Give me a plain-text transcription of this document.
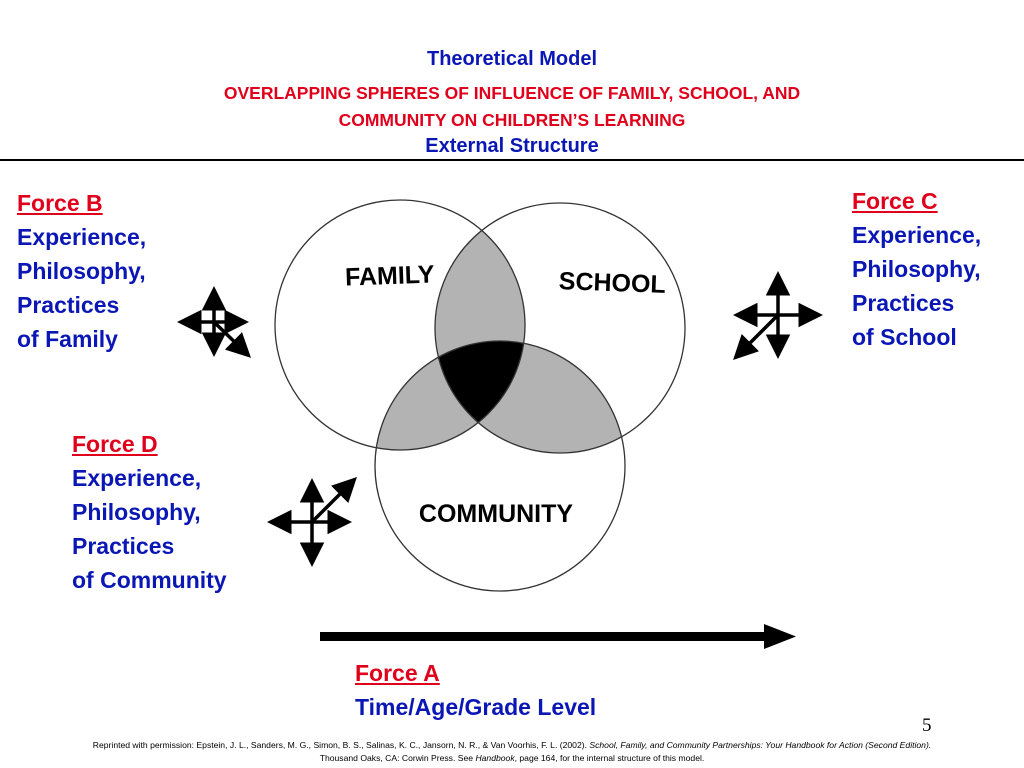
Theoretical Model
OVERLAPPING SPHERES OF INFLUENCE OF FAMILY, SCHOOL, AND
COMMUNITY ON CHILDREN’S LEARNING
External Structure
FAMILY	SCHOOL
COMMUNITY
Force B
Experience,
Philosophy,
Practices
of Family
Force C
Experience,
Philosophy,
Practices
of School
Force D
Experience,
Philosophy,
Practices
of Community
Force A
Time/Age/Grade Level
5
Reprinted with permission: Epstein, J. L., Sanders, M. G., Simon, B. S., Salinas, K. C., Jansorn, N. R., & Van Voorhis, F. L. (2002). School, Family, and Community Partnerships: Your Handbook for Action (Second Edition).
Thousand Oaks, CA: Corwin Press. See Handbook, page 164, for the internal structure of this model.
